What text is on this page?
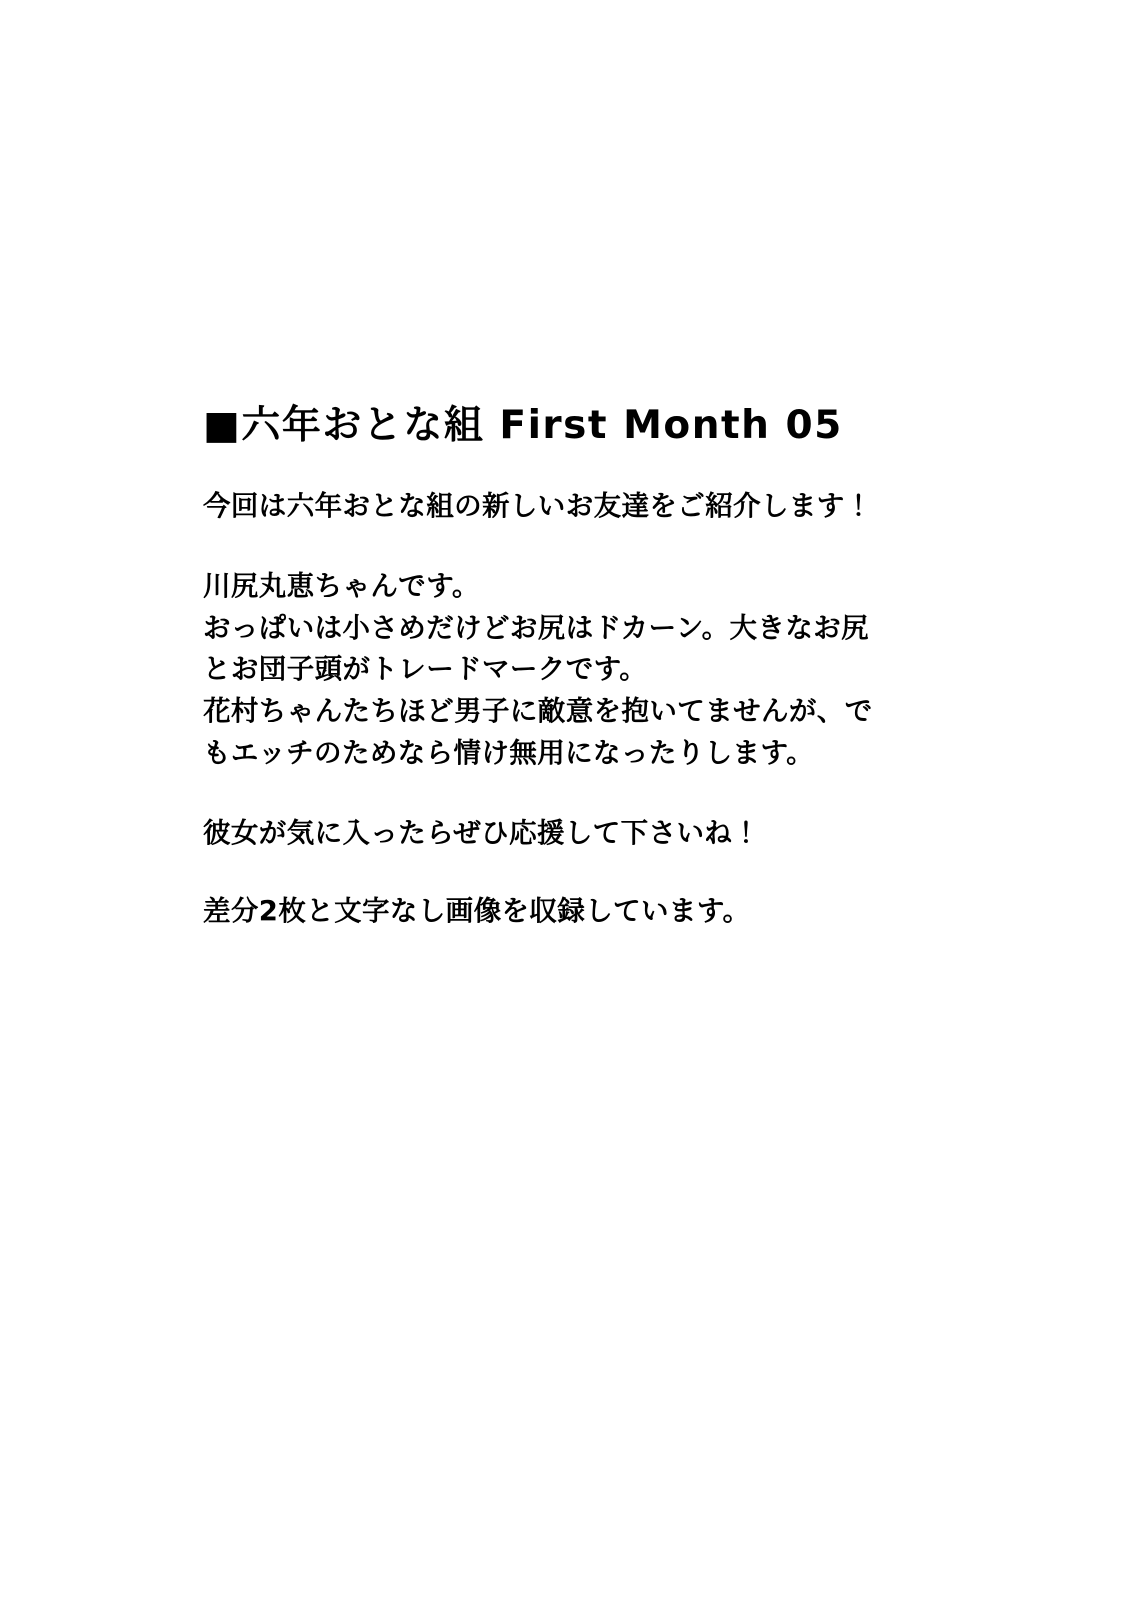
■六年おとな組 First Month 05

今回は六年おとな組の新しいお友達をご紹介します！

川尻丸恵ちゃんです。

おっぱいは小さめだけどお尻はドカーン。大きなお尻

とお団子頭がトレードマークです。

花村ちゃんたちほど男子に敵意を抱いてませんが、で

もエッチのためなら情け無用になったりします。

彼女が気に入ったらぜひ応援して下さいね！

差分2枚と文字なし画像を収録しています。
